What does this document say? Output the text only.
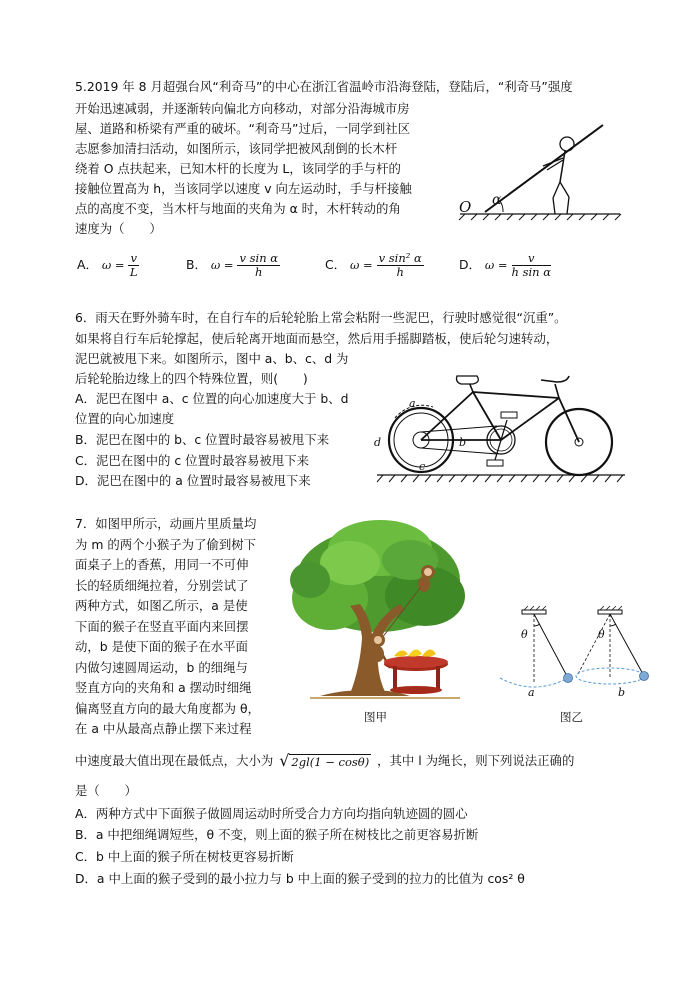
5.2019 年 8 月超强台风“利奇马”的中心在浙江省温岭市沿海登陆，登陆后，“利奇马”强度
开始迅速减弱，并逐渐转向偏北方向移动，对部分沿海城市房
屋、道路和桥梁有严重的破坏。“利奇马”过后，一同学到社区
志愿参加清扫活动，如图所示，该同学把被风刮倒的长木杆
绕着 O 点扶起来，已知木杆的长度为 L，该同学的手与杆的
接触位置高为 h，当该同学以速度 v 向左运动时，手与杆接触
点的高度不变，当木杆与地面的夹角为 α 时，木杆转动的角
速度为（　　）
O α
A． $\omega = \frac{v}{L}$	B． $\omega = \frac{\text{v sin α}}{h}$	C． $\omega = \frac{\text{v sin² α}}{h}$	D． $\omega = \frac{v}{\text{h sin α}}$
6．雨天在野外骑车时，在自行车的后轮轮胎上常会粘附一些泥巴，行驶时感觉很“沉重”。
如果将自行车后轮撑起，使后轮离开地面而悬空，然后用手摇脚踏板，使后轮匀速转动，
泥巴就被甩下来。如图所示，图中 a、b、c、d 为
后轮轮胎边缘上的四个特殊位置，则(　　)
A．泥巴在图中 a、c 位置的向心加速度大于 b、d
位置的向心加速度
B．泥巴在图中的 b、c 位置时最容易被甩下来
C．泥巴在图中的 c 位置时最容易被甩下来
D．泥巴在图中的 a 位置时最容易被甩下来
a
b
c
d
7．如图甲所示，动画片里质量均
为 m 的两个小猴子为了偷到树下
面桌子上的香蕉，用同一不可伸
长的轻质细绳拉着，分别尝试了
两种方式，如图乙所示，a 是使
下面的猴子在竖直平面内来回摆
动，b 是使下面的猴子在水平面
内做匀速圆周运动，b 的细绳与
竖直方向的夹角和 a 摆动时细绳
偏离竖直方向的最大角度都为 θ，
在 a 中从最高点静止摆下来过程
图甲
θ
a
θ
b
图乙
中速度最大值出现在最低点，大小为 √ 2gl(1 − cosθ) ，其中 l 为绳长，则下列说法正确的
是（　　）
A．两种方式中下面猴子做圆周运动时所受合力方向均指向轨迹圆的圆心
B．a 中把细绳调短些，θ 不变，则上面的猴子所在树枝比之前更容易折断
C．b 中上面的猴子所在树枝更容易折断
D．a 中上面的猴子受到的最小拉力与 b 中上面的猴子受到的拉力的比值为 cos² θ
